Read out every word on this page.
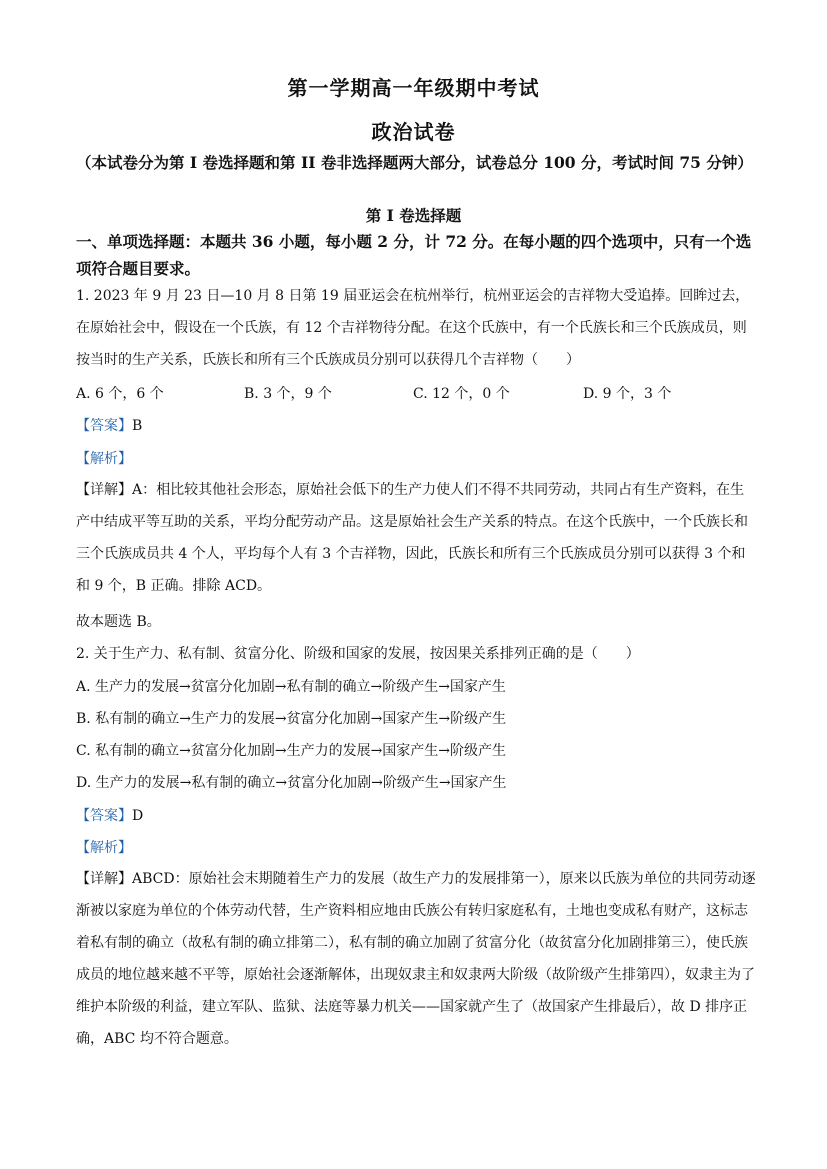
第一学期高一年级期中考试
政治试卷
（本试卷分为第 I 卷选择题和第 II 卷非选择题两大部分，试卷总分 100 分，考试时间 75 分钟）
第 I 卷选择题
一、单项选择题：本题共 36 小题，每小题 2 分，计 72 分。在每小题的四个选项中，只有一个选项符合题目要求。
1. 2023 年 9 月 23 日—10 月 8 日第 19 届亚运会在杭州举行，杭州亚运会的吉祥物大受追捧。回眸过去，在原始社会中，假设在一个氏族，有 12 个吉祥物待分配。在这个氏族中，有一个氏族长和三个氏族成员，则按当时的生产关系，氏族长和所有三个氏族成员分别可以获得几个吉祥物（　　）
A. 6 个，6 个	B. 3 个，9 个	C. 12 个，0 个	D. 9 个，3 个
【答案】B
【解析】
【详解】A：相比较其他社会形态，原始社会低下的生产力使人们不得不共同劳动，共同占有生产资料，在生产中结成平等互助的关系，平均分配劳动产品。这是原始社会生产关系的特点。在这个氏族中，一个氏族长和三个氏族成员共 4 个人，平均每个人有 3 个吉祥物，因此，氏族长和所有三个氏族成员分别可以获得 3 个和和 9 个，B 正确。排除 ACD。
故本题选 B。
2. 关于生产力、私有制、贫富分化、阶级和国家的发展，按因果关系排列正确的是（　　）
A. 生产力的发展→贫富分化加剧→私有制的确立→阶级产生→国家产生
B. 私有制的确立→生产力的发展→贫富分化加剧→国家产生→阶级产生
C. 私有制的确立→贫富分化加剧→生产力的发展→国家产生→阶级产生
D. 生产力的发展→私有制的确立→贫富分化加剧→阶级产生→国家产生
【答案】D
【解析】
【详解】ABCD：原始社会末期随着生产力的发展（故生产力的发展排第一），原来以氏族为单位的共同劳动逐渐被以家庭为单位的个体劳动代替，生产资料相应地由氏族公有转归家庭私有，土地也变成私有财产，这标志着私有制的确立（故私有制的确立排第二），私有制的确立加剧了贫富分化（故贫富分化加剧排第三），使氏族成员的地位越来越不平等，原始社会逐渐解体，出现奴隶主和奴隶两大阶级（故阶级产生排第四），奴隶主为了维护本阶级的利益，建立军队、监狱、法庭等暴力机关——国家就产生了（故国家产生排最后），故 D 排序正确，ABC 均不符合题意。
